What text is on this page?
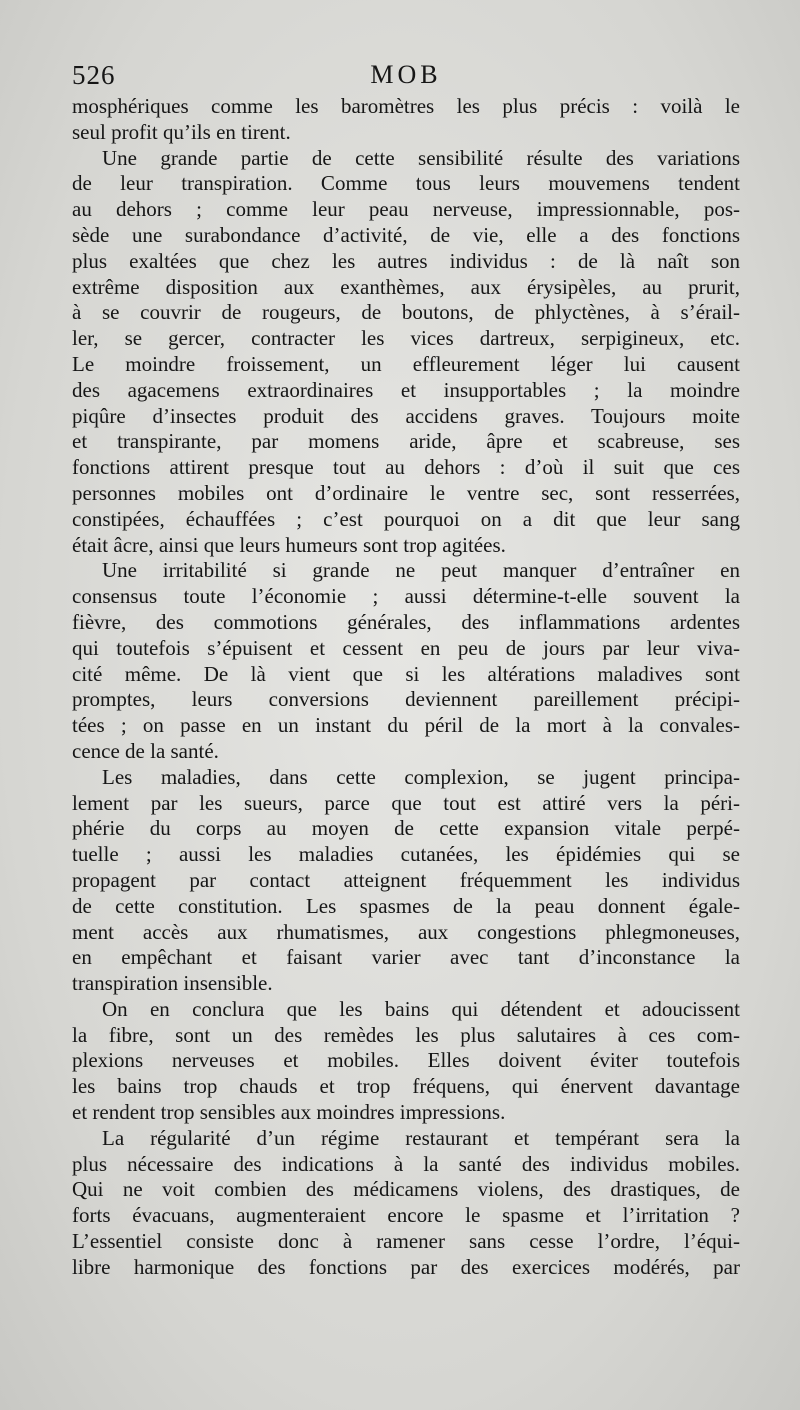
526	MOB
mosphériques comme les baromètres les plus précis : voilà le
seul profit qu’ils en tirent.
Une grande partie de cette sensibilité résulte des variations
de leur transpiration. Comme tous leurs mouvemens tendent
au dehors ; comme leur peau nerveuse, impressionnable, pos-
sède une surabondance d’activité, de vie, elle a des fonctions
plus exaltées que chez les autres individus : de là naît son
extrême disposition aux exanthèmes, aux érysipèles, au prurit,
à se couvrir de rougeurs, de boutons, de phlyctènes, à s’érail-
ler, se gercer, contracter les vices dartreux, serpigineux, etc.
Le moindre froissement, un effleurement léger lui causent
des agacemens extraordinaires et insupportables ; la moindre
piqûre d’insectes produit des accidens graves. Toujours moite
et transpirante, par momens aride, âpre et scabreuse, ses
fonctions attirent presque tout au dehors : d’où il suit que ces
personnes mobiles ont d’ordinaire le ventre sec, sont resserrées,
constipées, échauffées ; c’est pourquoi on a dit que leur sang
était âcre, ainsi que leurs humeurs sont trop agitées.
Une irritabilité si grande ne peut manquer d’entraîner en
consensus toute l’économie ; aussi détermine-t-elle souvent la
fièvre, des commotions générales, des inflammations ardentes
qui toutefois s’épuisent et cessent en peu de jours par leur viva-
cité même. De là vient que si les altérations maladives sont
promptes, leurs conversions deviennent pareillement précipi-
tées ; on passe en un instant du péril de la mort à la convales-
cence de la santé.
Les maladies, dans cette complexion, se jugent principa-
lement par les sueurs, parce que tout est attiré vers la péri-
phérie du corps au moyen de cette expansion vitale perpé-
tuelle ; aussi les maladies cutanées, les épidémies qui se
propagent par contact atteignent fréquemment les individus
de cette constitution. Les spasmes de la peau donnent égale-
ment accès aux rhumatismes, aux congestions phlegmoneuses,
en empêchant et faisant varier avec tant d’inconstance la
transpiration insensible.
On en conclura que les bains qui détendent et adoucissent
la fibre, sont un des remèdes les plus salutaires à ces com-
plexions nerveuses et mobiles. Elles doivent éviter toutefois
les bains trop chauds et trop fréquens, qui énervent davantage
et rendent trop sensibles aux moindres impressions.
La régularité d’un régime restaurant et tempérant sera la
plus nécessaire des indications à la santé des individus mobiles.
Qui ne voit combien des médicamens violens, des drastiques, de
forts évacuans, augmenteraient encore le spasme et l’irritation ?
L’essentiel consiste donc à ramener sans cesse l’ordre, l’équi-
libre harmonique des fonctions par des exercices modérés, par
